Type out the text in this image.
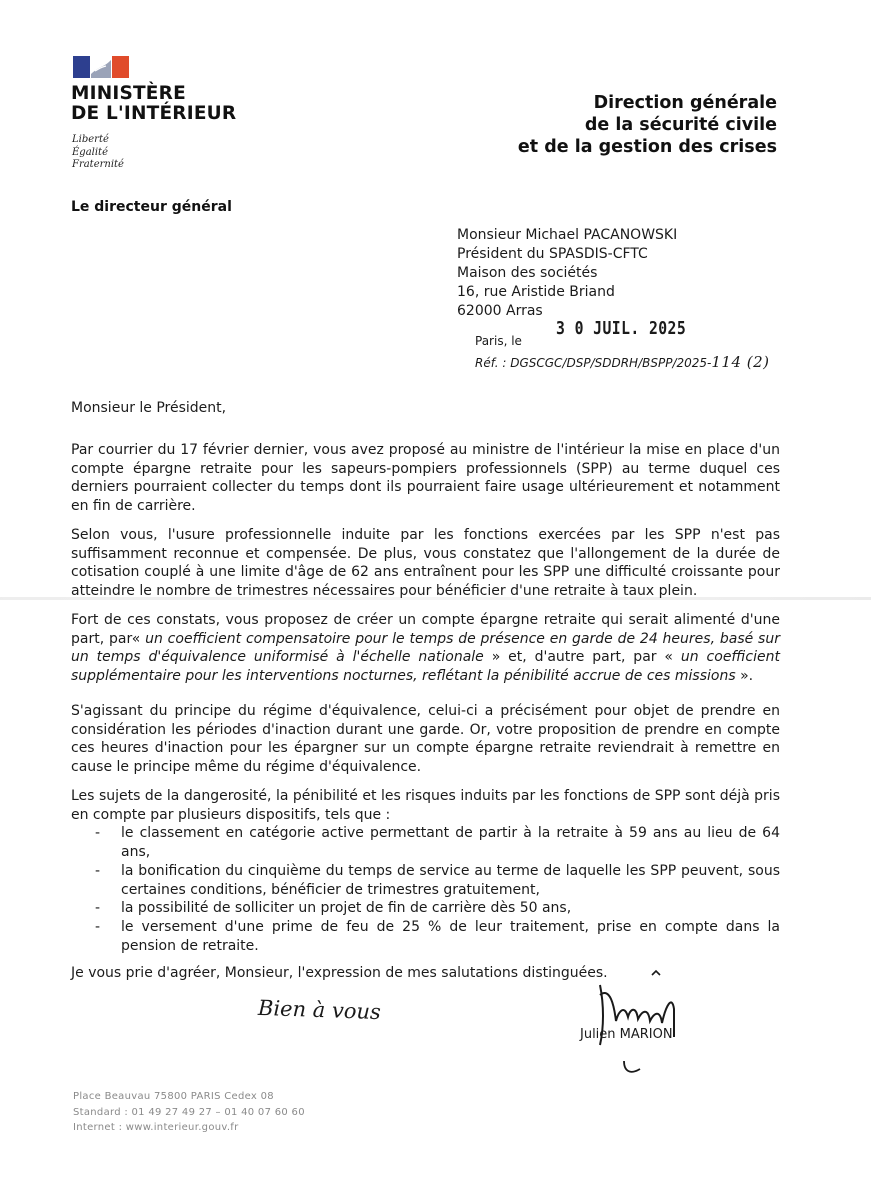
MINISTÈRE
DE L'INTÉRIEUR
Liberté
Égalité
Fraternité
Direction générale
de la sécurité civile
et de la gestion des crises
Le directeur général
Monsieur Michael PACANOWSKI
Président du SPASDIS-CFTC
Maison des sociétés
16, rue Aristide Briand
62000 Arras
Paris, le
3 0 JUIL. 2025
Réf. : DGSCGC/DSP/SDDRH/BSPP/2025-114 (2)
Monsieur le Président,
Par courrier du 17 février dernier, vous avez proposé au ministre de l'intérieur la mise en place d'un compte épargne retraite pour les sapeurs-pompiers professionnels (SPP) au terme duquel ces derniers pourraient collecter du temps dont ils pourraient faire usage ultérieurement et notamment en fin de carrière.
Selon vous, l'usure professionnelle induite par les fonctions exercées par les SPP n'est pas suffisamment reconnue et compensée. De plus, vous constatez que l'allongement de la durée de cotisation couplé à une limite d'âge de 62 ans entraînent pour les SPP une difficulté croissante pour atteindre le nombre de trimestres nécessaires pour bénéficier d'une retraite à taux plein.
Fort de ces constats, vous proposez de créer un compte épargne retraite qui serait alimenté d'une part, par« un coefficient compensatoire pour le temps de présence en garde de 24 heures, basé sur un temps d'équivalence uniformisé à l'échelle nationale » et, d'autre part, par « un coefficient supplémentaire pour les interventions nocturnes, reflétant la pénibilité accrue de ces missions ».
S'agissant du principe du régime d'équivalence, celui-ci a précisément pour objet de prendre en considération les périodes d'inaction durant une garde. Or, votre proposition de prendre en compte ces heures d'inaction pour les épargner sur un compte épargne retraite reviendrait à remettre en cause le principe même du régime d'équivalence.
Les sujets de la dangerosité, la pénibilité et les risques induits par les fonctions de SPP sont déjà pris en compte par plusieurs dispositifs, tels que :
- le classement en catégorie active permettant de partir à la retraite à 59 ans au lieu de 64 ans,
- la bonification du cinquième du temps de service au terme de laquelle les SPP peuvent, sous certaines conditions, bénéficier de trimestres gratuitement,
- la possibilité de solliciter un projet de fin de carrière dès 50 ans,
- le versement d'une prime de feu de 25 % de leur traitement, prise en compte dans la pension de retraite.
Je vous prie d'agréer, Monsieur, l'expression de mes salutations distinguées.
Bien à vous
Julien MARION
Place Beauvau 75800 PARIS Cedex 08
Standard : 01 49 27 49 27 – 01 40 07 60 60
Internet : www.interieur.gouv.fr
